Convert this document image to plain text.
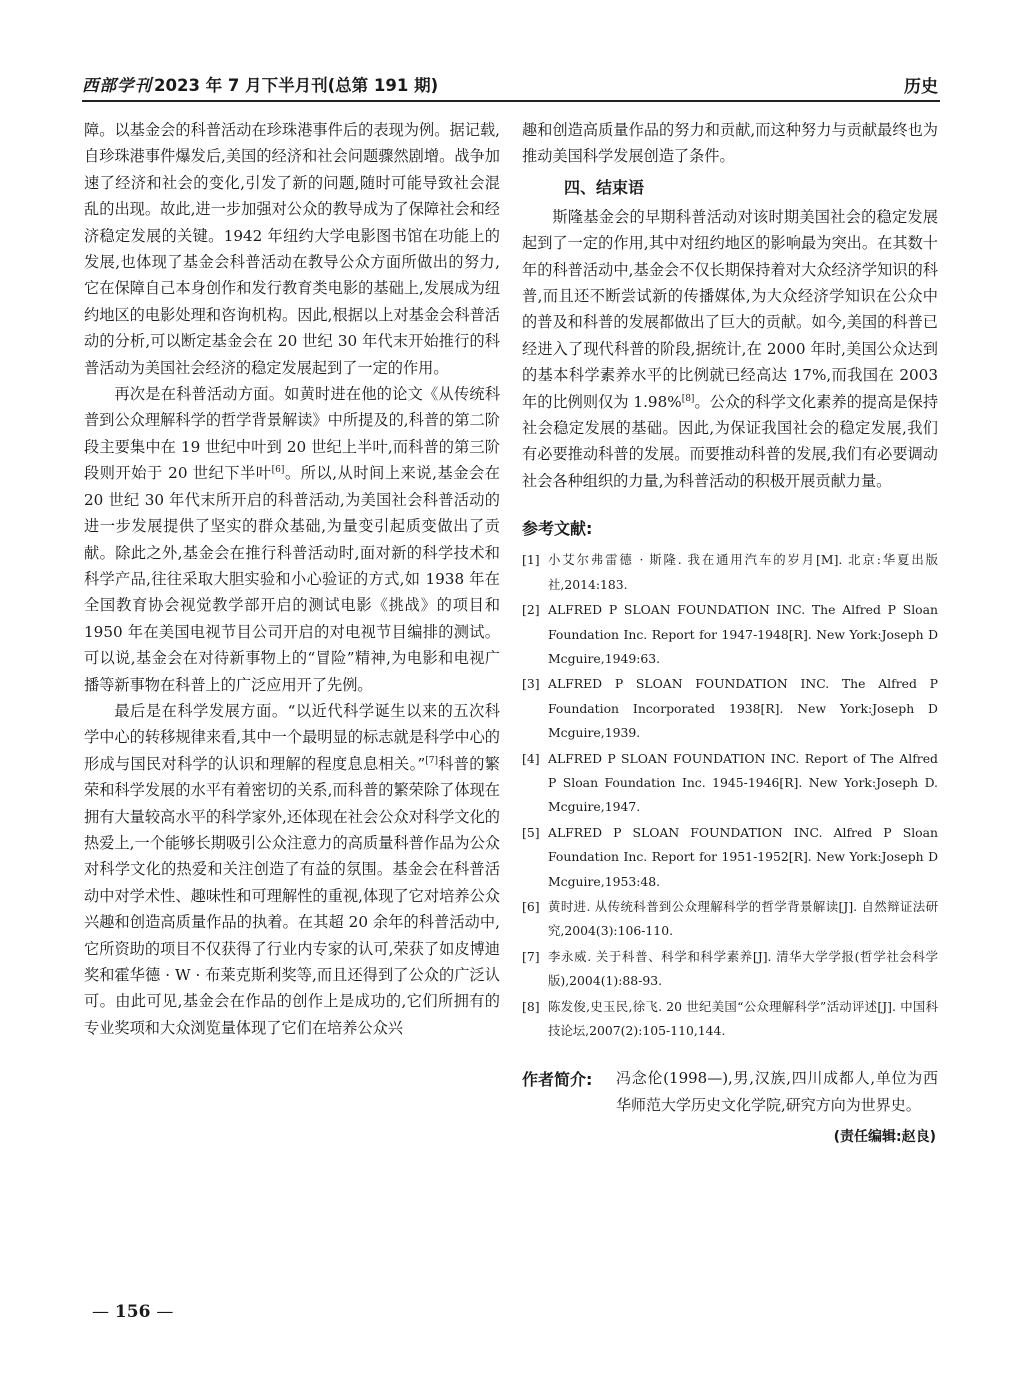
西部学刊 2023 年 7 月下半月刊(总第 191 期)	历史

障。以基金会的科普活动在珍珠港事件后的表现为例。据记载,自珍珠港事件爆发后,美国的经济和社会问题骤然剧增。战争加速了经济和社会的变化,引发了新的问题,随时可能导致社会混乱的出现。故此,进一步加强对公众的教导成为了保障社会和经济稳定发展的关键。1942 年纽约大学电影图书馆在功能上的发展,也体现了基金会科普活动在教导公众方面所做出的努力,它在保障自己本身创作和发行教育类电影的基础上,发展成为纽约地区的电影处理和咨询机构。因此,根据以上对基金会科普活动的分析,可以断定基金会在 20 世纪 30 年代末开始推行的科普活动为美国社会经济的稳定发展起到了一定的作用。

再次是在科普活动方面。如黄时进在他的论文《从传统科普到公众理解科学的哲学背景解读》中所提及的,科普的第二阶段主要集中在 19 世纪中叶到 20 世纪上半叶,而科普的第三阶段则开始于 20 世纪下半叶[6]。所以,从时间上来说,基金会在 20 世纪 30 年代末所开启的科普活动,为美国社会科普活动的进一步发展提供了坚实的群众基础,为量变引起质变做出了贡献。除此之外,基金会在推行科普活动时,面对新的科学技术和科学产品,往往采取大胆实验和小心验证的方式,如 1938 年在全国教育协会视觉教学部开启的测试电影《挑战》的项目和 1950 年在美国电视节目公司开启的对电视节目编排的测试。可以说,基金会在对待新事物上的“冒险”精神,为电影和电视广播等新事物在科普上的广泛应用开了先例。

最后是在科学发展方面。“以近代科学诞生以来的五次科学中心的转移规律来看,其中一个最明显的标志就是科学中心的形成与国民对科学的认识和理解的程度息息相关。”[7]科普的繁荣和科学发展的水平有着密切的关系,而科普的繁荣除了体现在拥有大量较高水平的科学家外,还体现在社会公众对科学文化的热爱上,一个能够长期吸引公众注意力的高质量科普作品为公众对科学文化的热爱和关注创造了有益的氛围。基金会在科普活动中对学术性、趣味性和可理解性的重视,体现了它对培养公众兴趣和创造高质量作品的执着。在其超 20 余年的科普活动中,它所资助的项目不仅获得了行业内专家的认可,荣获了如皮博迪奖和霍华德 · W · 布莱克斯利奖等,而且还得到了公众的广泛认可。由此可见,基金会在作品的创作上是成功的,它们所拥有的专业奖项和大众浏览量体现了它们在培养公众兴

趣和创造高质量作品的努力和贡献,而这种努力与贡献最终也为推动美国科学发展创造了条件。

四、结束语

斯隆基金会的早期科普活动对该时期美国社会的稳定发展起到了一定的作用,其中对纽约地区的影响最为突出。在其数十年的科普活动中,基金会不仅长期保持着对大众经济学知识的科普,而且还不断尝试新的传播媒体,为大众经济学知识在公众中的普及和科普的发展都做出了巨大的贡献。如今,美国的科普已经进入了现代科普的阶段,据统计,在 2000 年时,美国公众达到的基本科学素养水平的比例就已经高达 17%,而我国在 2003 年的比例则仅为 1.98%[8]。公众的科学文化素养的提高是保持社会稳定发展的基础。因此,为保证我国社会的稳定发展,我们有必要推动科普的发展。而要推动科普的发展,我们有必要调动社会各种组织的力量,为科普活动的积极开展贡献力量。

参考文献:
[1] 小艾尔弗雷德 · 斯隆. 我在通用汽车的岁月[M]. 北京:华夏出版社,2014:183.
[2] ALFRED P SLOAN FOUNDATION INC. The Alfred P Sloan Foundation Inc. Report for 1947-1948[R]. New York:Joseph D Mcguire,1949:63.
[3] ALFRED P SLOAN FOUNDATION INC. The Alfred P Foundation Incorporated 1938[R]. New York:Joseph D Mcguire,1939.
[4] ALFRED P SLOAN FOUNDATION INC. Report of The Alfred P Sloan Foundation Inc. 1945-1946[R]. New York:Joseph D. Mcguire,1947.
[5] ALFRED P SLOAN FOUNDATION INC. Alfred P Sloan Foundation Inc. Report for 1951-1952[R]. New York:Joseph D Mcguire,1953:48.
[6] 黄时进. 从传统科普到公众理解科学的哲学背景解读[J]. 自然辩证法研究,2004(3):106-110.
[7] 李永威. 关于科普、科学和科学素养[J]. 清华大学学报(哲学社会科学版),2004(1):88-93.
[8] 陈发俊,史玉民,徐飞. 20 世纪美国“公众理解科学”活动评述[J]. 中国科技论坛,2007(2):105-110,144.
作者简介:	冯念伦(1998—),男,汉族,四川成都人,单位为西华师范大学历史文化学院,研究方向为世界史。
(责任编辑:赵良)
— 156 —
